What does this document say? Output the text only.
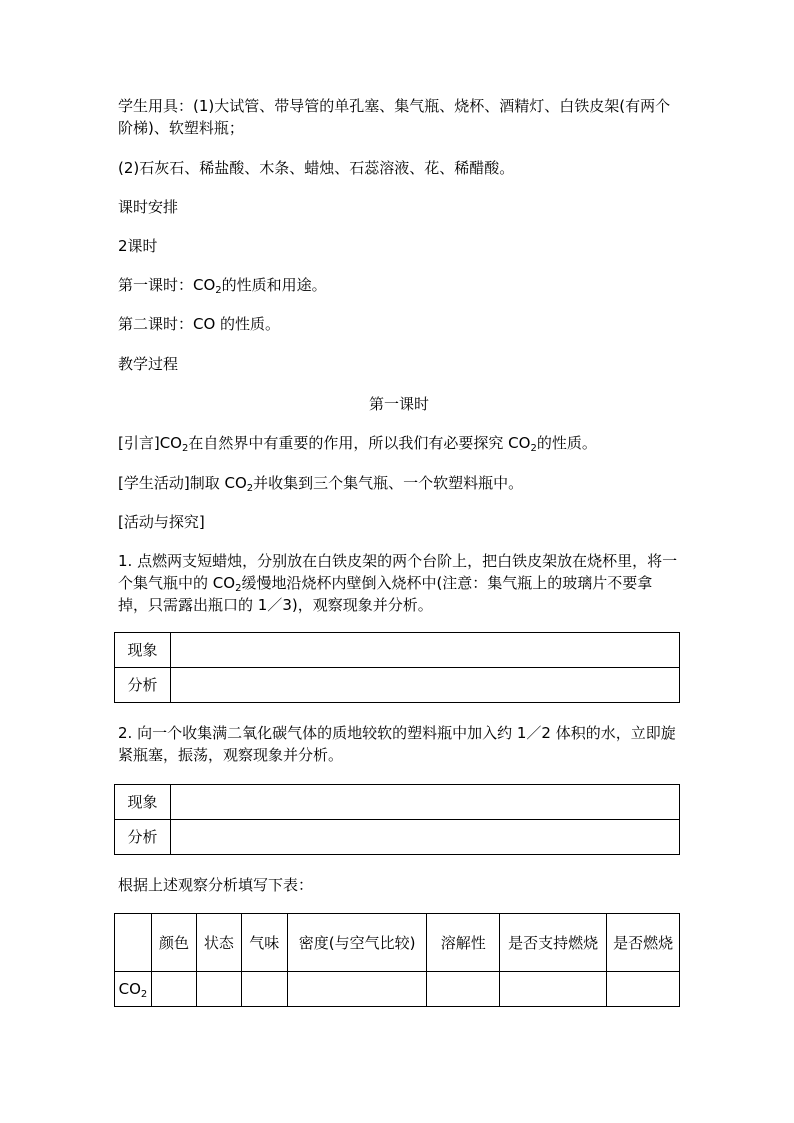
学生用具：(1)大试管、带导管的单孔塞、集气瓶、烧杯、酒精灯、白铁皮架(有两个阶梯)、软塑料瓶；
(2)石灰石、稀盐酸、木条、蜡烛、石蕊溶液、花、稀醋酸。
课时安排
2课时
第一课时：$CO_2$的性质和用途。
第二课时：CO 的性质。
教学过程
第一课时
[引言]$CO_2$在自然界中有重要的作用，所以我们有必要探究 $CO_2$的性质。
[学生活动]制取 $CO_2$并收集到三个集气瓶、一个软塑料瓶中。
[活动与探究]
1. 点燃两支短蜡烛，分别放在白铁皮架的两个台阶上，把白铁皮架放在烧杯里，将一个集气瓶中的 $CO_2$缓慢地沿烧杯内壁倒入烧杯中(注意：集气瓶上的玻璃片不要拿掉，只需露出瓶口的 1／3)，观察现象并分析。
现象	
分析	
2. 向一个收集满二氧化碳气体的质地较软的塑料瓶中加入约 1／2 体积的水，立即旋紧瓶塞，振荡，观察现象并分析。
现象	
分析	
根据上述观察分析填写下表：
	颜色	状态	气味	密度(与空气比较)	溶解性	是否支持燃烧	是否燃烧
$CO_2$							
